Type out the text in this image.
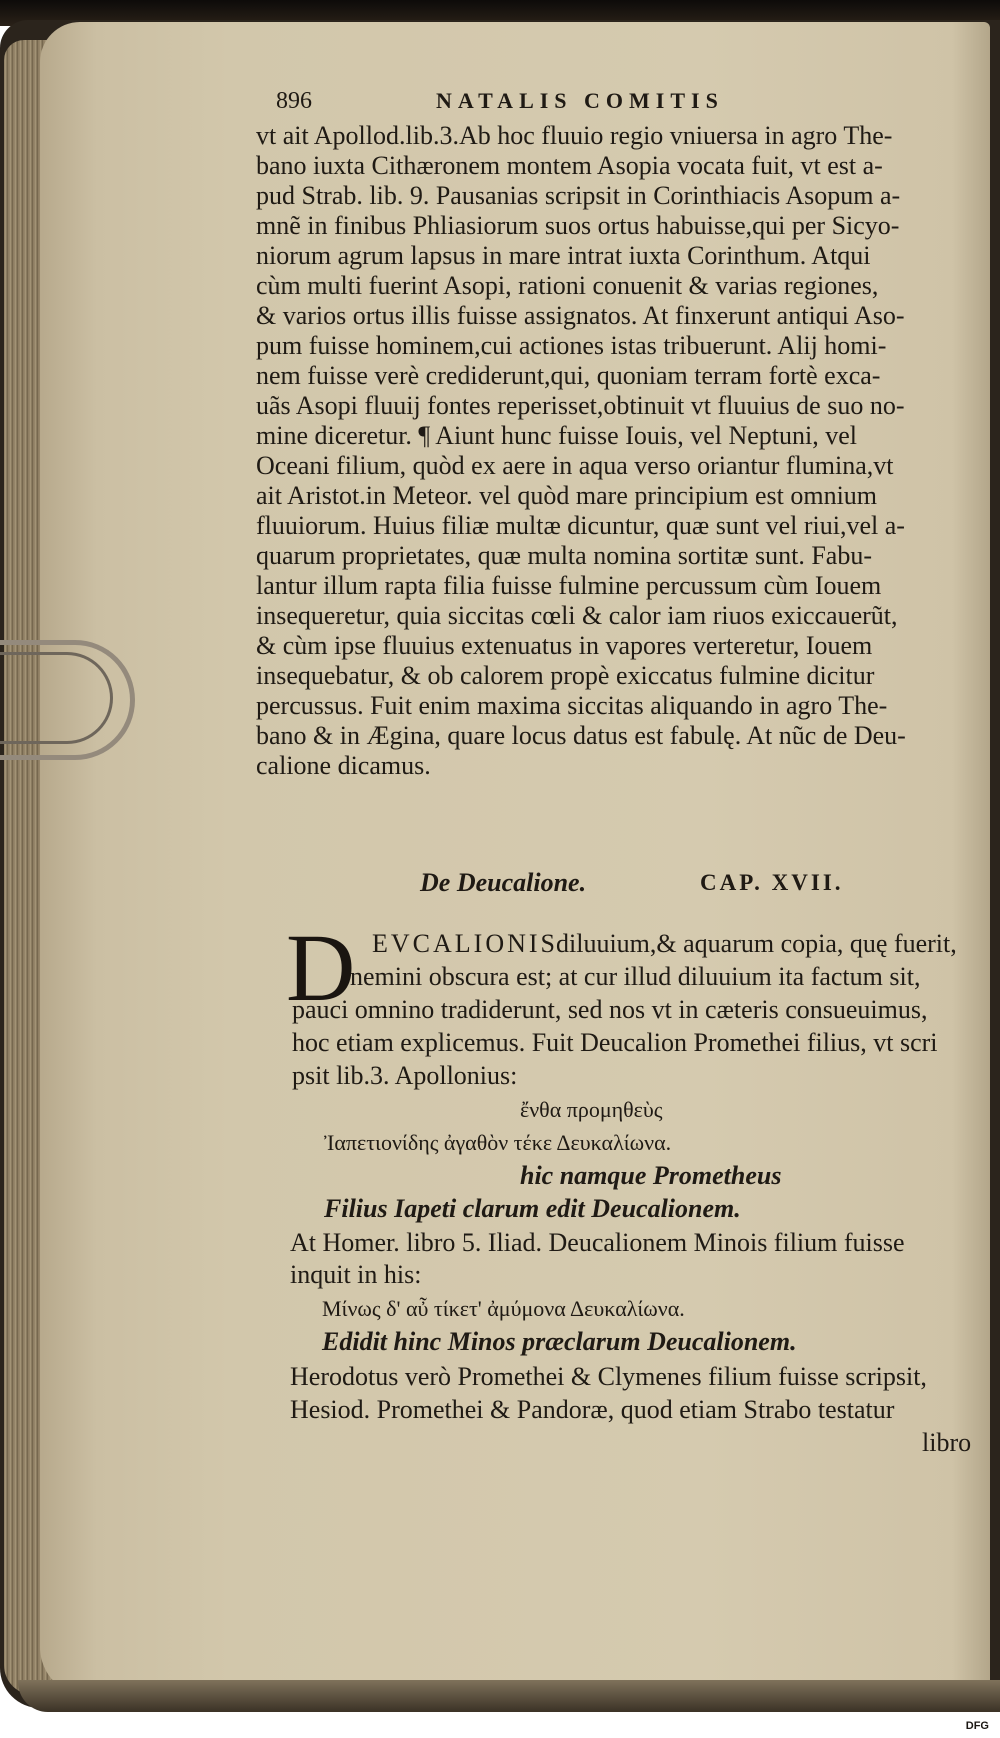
896	NATALIS COMITIS
vt ait Apollod.lib.3.Ab hoc fluuio regio vniuersa in agro The-
bano iuxta Cithæronem montem Asopia vocata fuit, vt est a-
pud Strab. lib. 9. Pausanias scripsit in Corinthiacis Asopum a-
mnẽ in finibus Phliasiorum suos ortus habuisse,qui per Sicyo-
niorum agrum lapsus in mare intrat iuxta Corinthum. Atqui
cùm multi fuerint Asopi, rationi conuenit & varias regiones,
& varios ortus illis fuisse assignatos. At finxerunt antiqui Aso-
pum fuisse hominem,cui actiones istas tribuerunt. Alij homi-
nem fuisse verè crediderunt,qui, quoniam terram fortè exca-
uãs Asopi fluuij fontes reperisset,obtinuit vt fluuius de suo no-
mine diceretur. ¶ Aiunt hunc fuisse Iouis, vel Neptuni, vel
Oceani filium, quòd ex aere in aqua verso oriantur flumina,vt
ait Aristot.in Meteor. vel quòd mare principium est omnium
fluuiorum. Huius filiæ multæ dicuntur, quæ sunt vel riui,vel a-
quarum proprietates, quæ multa nomina sortitæ sunt. Fabu-
lantur illum rapta filia fuisse fulmine percussum cùm Iouem
insequeretur, quia siccitas cœli & calor iam riuos exiccauerũt,
& cùm ipse fluuius extenuatus in vapores verteretur, Iouem
insequebatur, & ob calorem propè exiccatus fulmine dicitur
percussus. Fuit enim maxima siccitas aliquando in agro The-
bano & in Ægina, quare locus datus est fabulę. At nũc de Deu-
calione dicamus.
De Deucalione.	CAP. XVII.
D EVCALIONIS
diluuium,& aquarum copia, quę fuerit,
nemini obscura est; at cur illud diluuium ita factum sit,
pauci omnino tradiderunt, sed nos vt in cæteris consueuimus,
hoc etiam explicemus. Fuit Deucalion Promethei filius, vt scri
psit lib.3. Apollonius:
ἔνθα προμηθεὺς
Ἰαπετιονίδης ἀγαθὸν τέκε Δευκαλίωνα.
hic namque Prometheus
Filius Iapeti clarum edit Deucalionem.
At Homer. libro 5. Iliad. Deucalionem Minois filium fuisse
inquit in his:
Μίνως δ' αὖ τίκετ' ἀμύμονα Δευκαλίωνα.
Edidit hinc Minos præclarum Deucalionem.
Herodotus verò Promethei & Clymenes filium fuisse scripsit,
Hesiod. Promethei & Pandoræ, quod etiam Strabo testatur
libro
Digitalisierung gefördert durch die Deutsche Forschungsgemeinschaft - DFG
